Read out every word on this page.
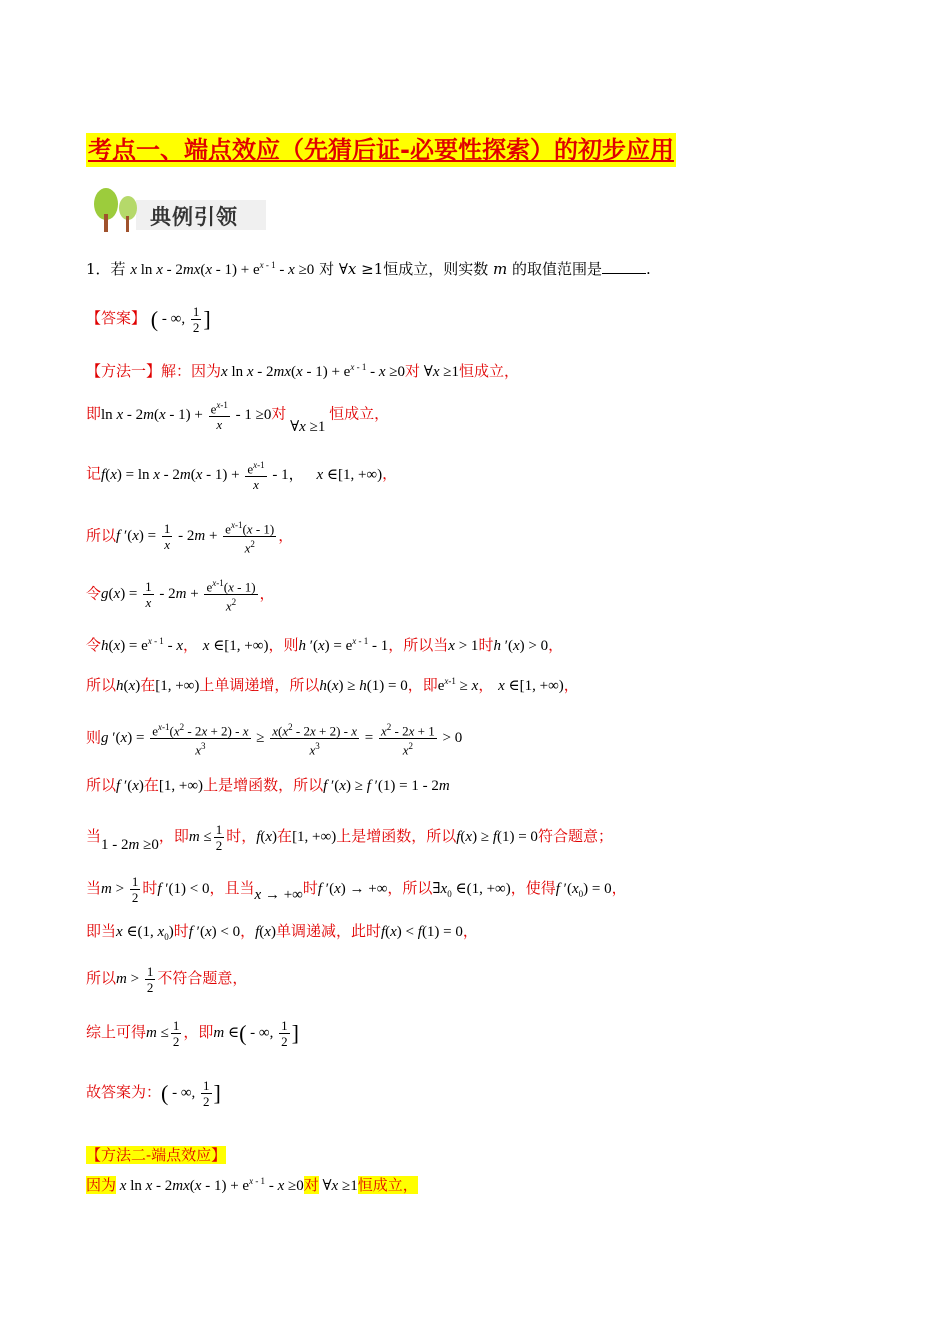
考点一、端点效应（先猜后证-必要性探索）的初步应用
典例引领
1．若 x $\ln x - 2mx(x - 1) + e^{x - 1} - x \ge 0$ 对 ∀x ≥1恒成立，则实数 m 的取值范围是	.
【答案】 ( - ∞, $\frac{1}{2}$ ]
【方法一】解：因为x $\ln x - 2mx(x - 1) + e^{x - 1} - x \ge 0$对 ∀x ≥1恒成立，
即$\ln x - 2m(x - 1) + \frac{e^{x-1}}{x} - 1 \ge 0$对 ∀x ≥1 恒成立，
记$f(x) = \ln x - 2m(x - 1) + \frac{e^{x-1}}{x} - 1$， x ∈[1, +∞)，
所以f $'(x) = \frac{1}{x} - 2m + \frac{e^{x-1}(x - 1)}{x^2}$ ，
令$g(x) = \frac{1}{x} - 2m + \frac{e^{x-1}(x - 1)}{x^2}$ ，
令$h(x) = e^{x - 1} - x$， x ∈[1, +∞)，则h $'(x) = e^{x - 1} - 1$，所以当x > 1时h ′(x) > 0，
所以h(x)在[1, +∞)上单调递增，所以h(x) ≥ h(1) = 0，即$e^{x-1} \ge x$， x ∈[1, +∞)，
则g $'(x) = \frac{e^{x-1}(x^2 - 2x + 2) - x}{x^3} \ge \frac{x(x^2 - 2x + 2) - x}{x^3} = \frac{x^2 - 2x + 1}{x^2} > 0$
所以f ′(x)在[1, +∞)上是增函数，所以f ′(x) ≥ f ′(1) = 1 - 2m
当1 - 2m ≥0，即$m \le \frac{1}{2}$ 时，f(x)在[1, +∞)上是增函数，所以f(x) ≥ f(1) = 0符合题意；
当$m > \frac{1}{2}$ 时f ′(1) < 0，且当x → +∞时f ′(x) → +∞，所以$\exists x_0$ ∈(1, +∞)，使得f $'(x_0) = 0$，
即当x ∈(1, $x_0$)时f ′(x) < 0，f(x)单调递减，此时f(x) < f(1) = 0，
所以$m > \frac{1}{2}$ 不符合题意，
综上可得$m \le \frac{1}{2}$ ，即m ∈( - ∞, $\frac{1}{2}$ ]
故答案为：( - ∞, $\frac{1}{2}$ ]
【方法二-端点效应】
因为 x $\ln x - 2mx(x - 1) + e^{x - 1} - x \ge 0$对 ∀x ≥1恒成立，
